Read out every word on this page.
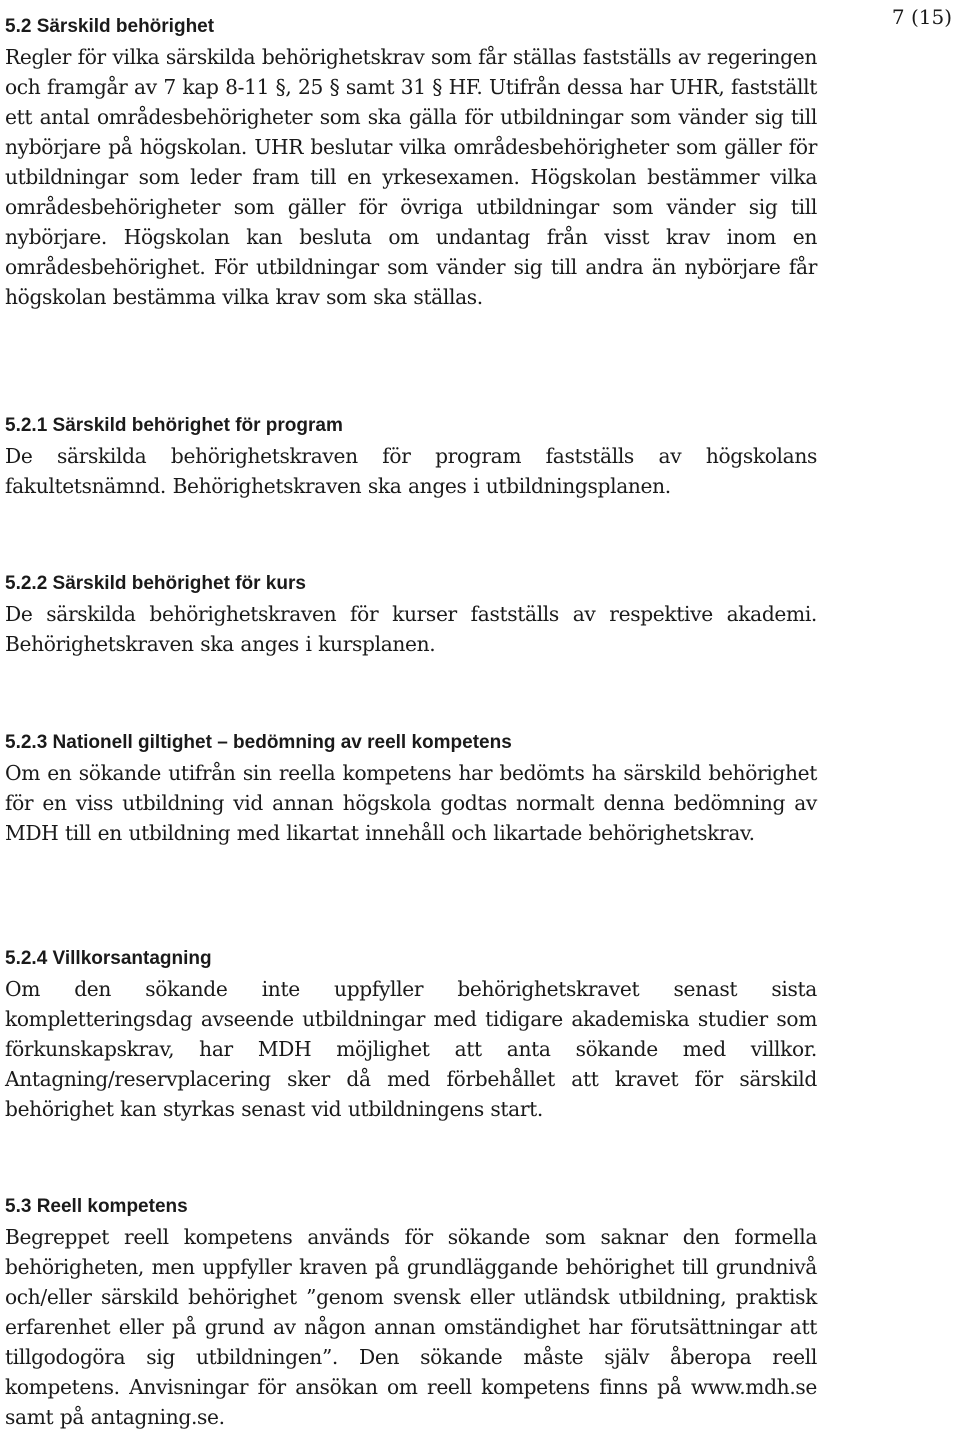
7 (15)
5.2 Särskild behörighet

Regler för vilka särskilda behörighetskrav som får ställas fastställs av regeringen och framgår av 7 kap 8-11 §, 25 § samt 31 § HF. Utifrån dessa har UHR, fastställt ett antal områdesbehörigheter som ska gälla för utbildningar som vänder sig till nybörjare på högskolan. UHR beslutar vilka områdesbehörigheter som gäller för utbildningar som leder fram till en yrkesexamen. Högskolan bestämmer vilka områdesbehörigheter som gäller för övriga utbildningar som vänder sig till nybörjare. Högskolan kan besluta om undantag från visst krav inom en områdesbehörighet. För utbildningar som vänder sig till andra än nybörjare får högskolan bestämma vilka krav som ska ställas.

5.2.1 Särskild behörighet för program

De särskilda behörighetskraven för program fastställs av högskolans fakultetsnämnd. Behörighetskraven ska anges i utbildningsplanen.

5.2.2 Särskild behörighet för kurs

De särskilda behörighetskraven för kurser fastställs av respektive akademi. Behörighetskraven ska anges i kursplanen.

5.2.3 Nationell giltighet – bedömning av reell kompetens

Om en sökande utifrån sin reella kompetens har bedömts ha särskild behörighet för en viss utbildning vid annan högskola godtas normalt denna bedömning av MDH till en utbildning med likartat innehåll och likartade behörighetskrav.

5.2.4 Villkorsantagning

Om den sökande inte uppfyller behörighetskravet senast sista kompletteringsdag avseende utbildningar med tidigare akademiska studier som förkunskapskrav, har MDH möjlighet att anta sökande med villkor. Antagning/reservplacering sker då med förbehållet att kravet för särskild behörighet kan styrkas senast vid utbildningens start.

5.3 Reell kompetens

Begreppet reell kompetens används för sökande som saknar den formella behörigheten, men uppfyller kraven på grundläggande behörighet till grundnivå och/eller särskild behörighet ”genom svensk eller utländsk utbildning, praktisk erfarenhet eller på grund av någon annan omständighet har förutsättningar att tillgodogöra sig utbildningen”. Den sökande måste själv åberopa reell kompetens. Anvisningar för ansökan om reell kompetens finns på www.mdh.se samt på antagning.se.
